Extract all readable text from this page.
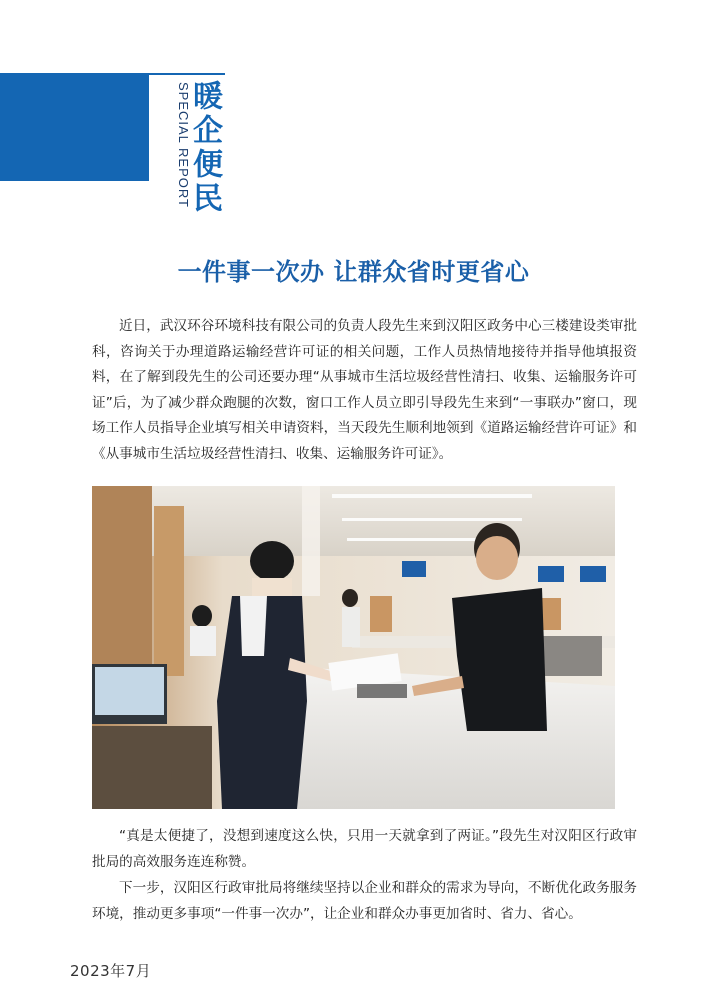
SPECIAL REPORT
暖企便民
一件事一次办 让群众省时更省心

近日，武汉环谷环境科技有限公司的负责人段先生来到汉阳区政务中心三楼建设类审批科，咨询关于办理道路运输经营许可证的相关问题，工作人员热情地接待并指导他填报资料，在了解到段先生的公司还要办理“从事城市生活垃圾经营性清扫、收集、运输服务许可证”后，为了减少群众跑腿的次数，窗口工作人员立即引导段先生来到“一事联办”窗口，现场工作人员指导企业填写相关申请资料，当天段先生顺利地领到《道路运输经营许可证》和《从事城市生活垃圾经营性清扫、收集、运输服务许可证》。

“真是太便捷了，没想到速度这么快，只用一天就拿到了两证。”段先生对汉阳区行政审批局的高效服务连连称赞。

下一步，汉阳区行政审批局将继续坚持以企业和群众的需求为导向，不断优化政务服务环境，推动更多事项“一件事一次办”，让企业和群众办事更加省时、省力、省心。

2023年7月
